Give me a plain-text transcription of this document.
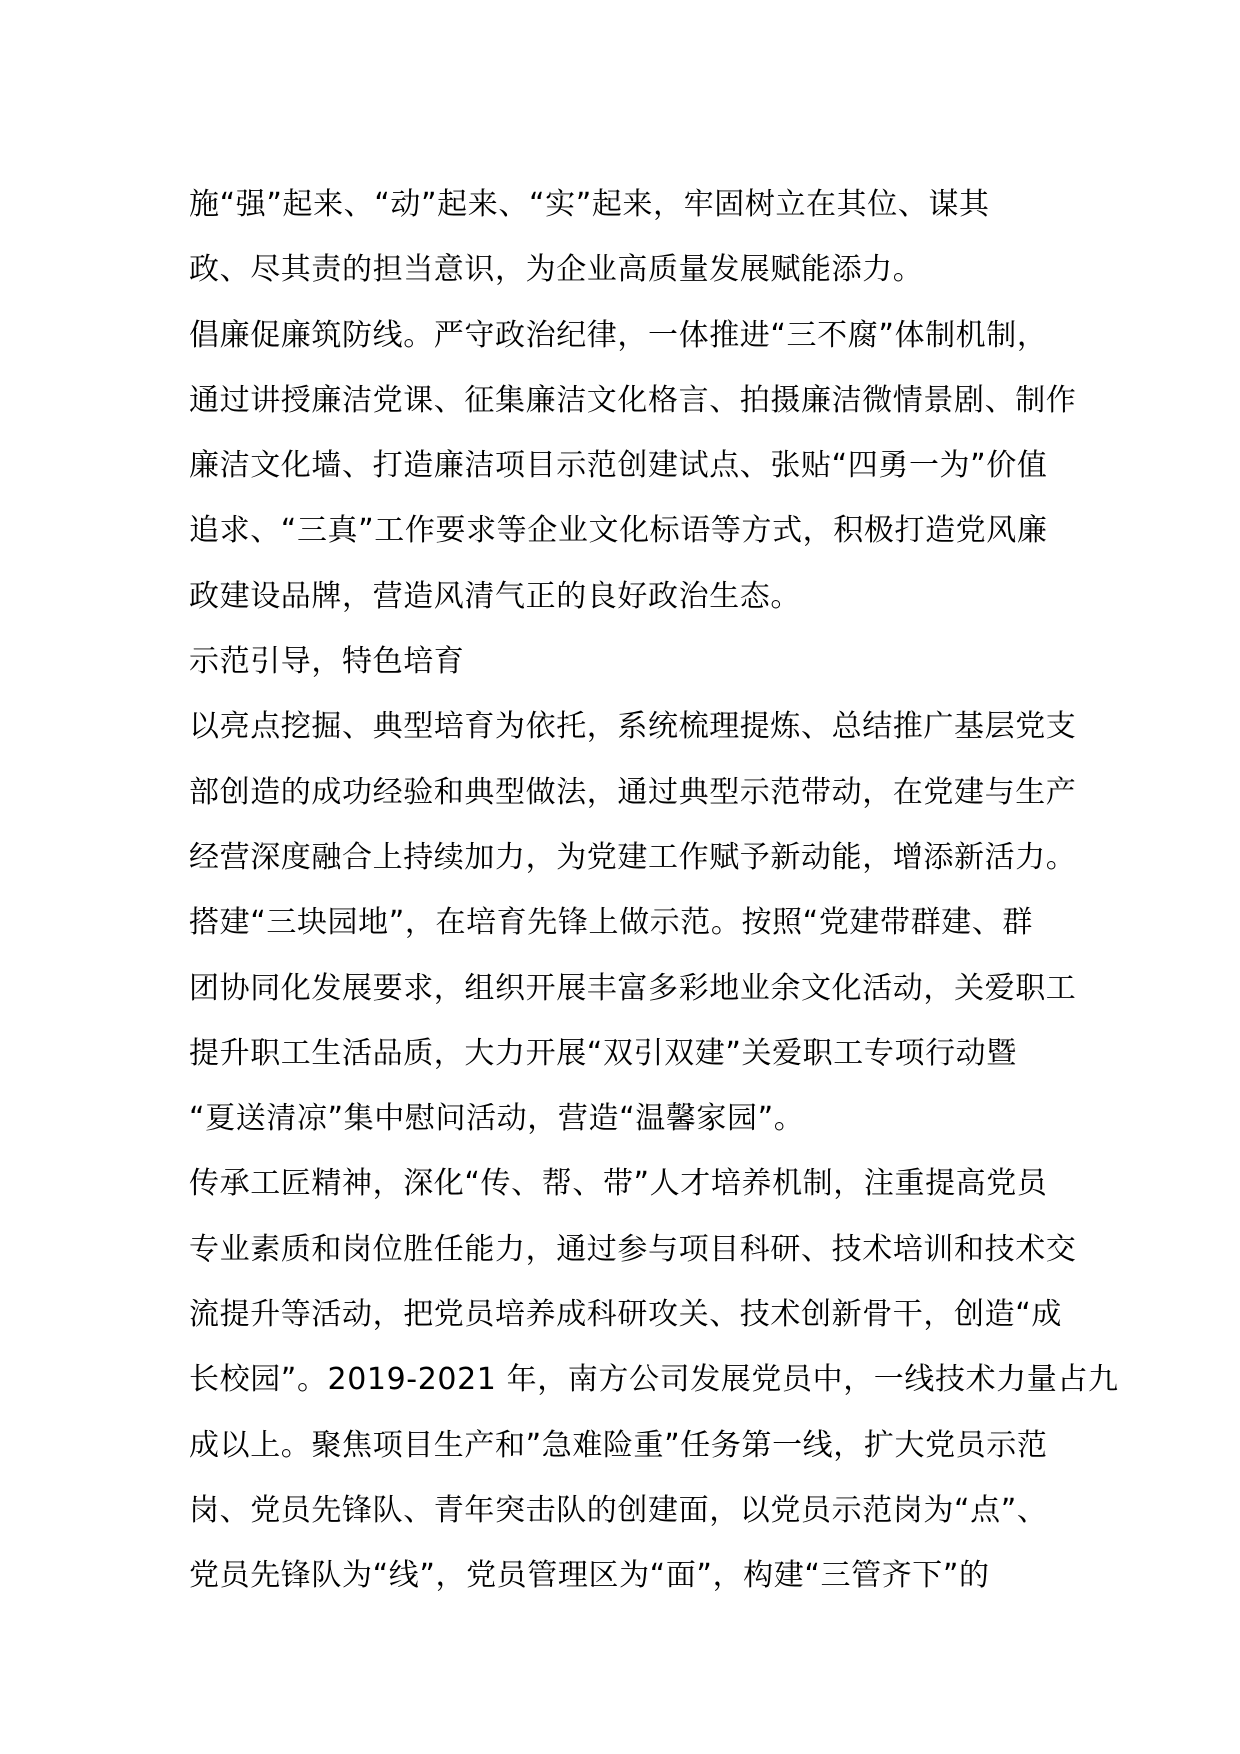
施“强”起来、“动”起来、“实”起来，牢固树立在其位、谋其
政、尽其责的担当意识，为企业高质量发展赋能添力。
倡廉促廉筑防线。严守政治纪律，一体推进“三不腐”体制机制，
通过讲授廉洁党课、征集廉洁文化格言、拍摄廉洁微情景剧、制作
廉洁文化墙、打造廉洁项目示范创建试点、张贴“四勇一为”价值
追求、“三真”工作要求等企业文化标语等方式，积极打造党风廉
政建设品牌，营造风清气正的良好政治生态。
示范引导，特色培育
以亮点挖掘、典型培育为依托，系统梳理提炼、总结推广基层党支
部创造的成功经验和典型做法，通过典型示范带动，在党建与生产
经营深度融合上持续加力，为党建工作赋予新动能，增添新活力。
搭建“三块园地”，在培育先锋上做示范。按照“党建带群建、群
团协同化发展要求，组织开展丰富多彩地业余文化活动，关爱职工
提升职工生活品质，大力开展“双引双建”关爱职工专项行动暨
“夏送清凉”集中慰问活动，营造“温馨家园”。
传承工匠精神，深化“传、帮、带”人才培养机制，注重提高党员
专业素质和岗位胜任能力，通过参与项目科研、技术培训和技术交
流提升等活动，把党员培养成科研攻关、技术创新骨干，创造“成
长校园”。2019-2021 年，南方公司发展党员中，一线技术力量占九
成以上。聚焦项目生产和”急难险重”任务第一线，扩大党员示范
岗、党员先锋队、青年突击队的创建面，以党员示范岗为“点”、
党员先锋队为“线”，党员管理区为“面”，构建“三管齐下”的
